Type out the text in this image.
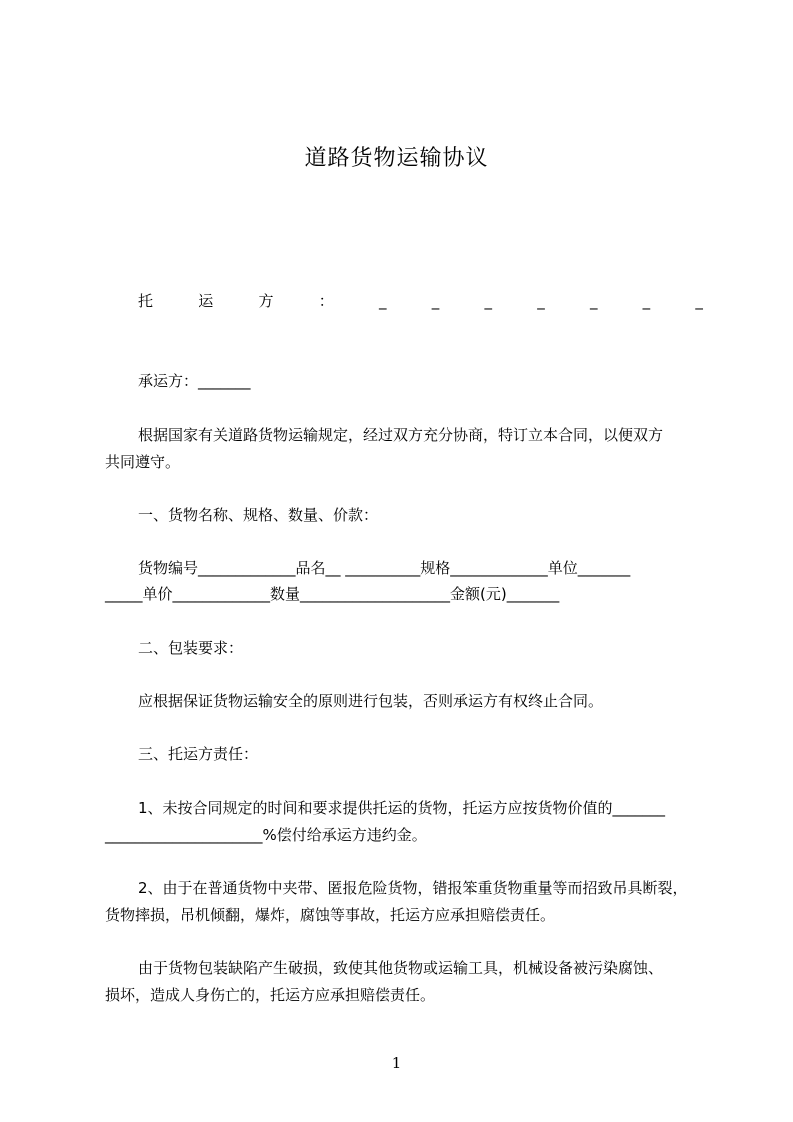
道路货物运输协议
托	运	方	：	_	_	_	_	_	_	_
承运方：_______
根据国家有关道路货物运输规定，经过双方充分协商，特订立本合同，以便双方
共同遵守。
一、货物名称、规格、数量、价款：
货物编号_____________品名__ __________规格_____________单位_______
_____单价_____________数量____________________金额(元)_______
二、包装要求：
应根据保证货物运输安全的原则进行包装，否则承运方有权终止合同。
三、托运方责任：
1、未按合同规定的时间和要求提供托运的货物，托运方应按货物价值的_______
_____________________%偿付给承运方违约金。
2、由于在普通货物中夹带、匿报危险货物，错报笨重货物重量等而招致吊具断裂，
货物摔损，吊机倾翻，爆炸，腐蚀等事故，托运方应承担赔偿责任。
由于货物包装缺陷产生破损，致使其他货物或运输工具，机械设备被污染腐蚀、
损坏，造成人身伤亡的，托运方应承担赔偿责任。
1
